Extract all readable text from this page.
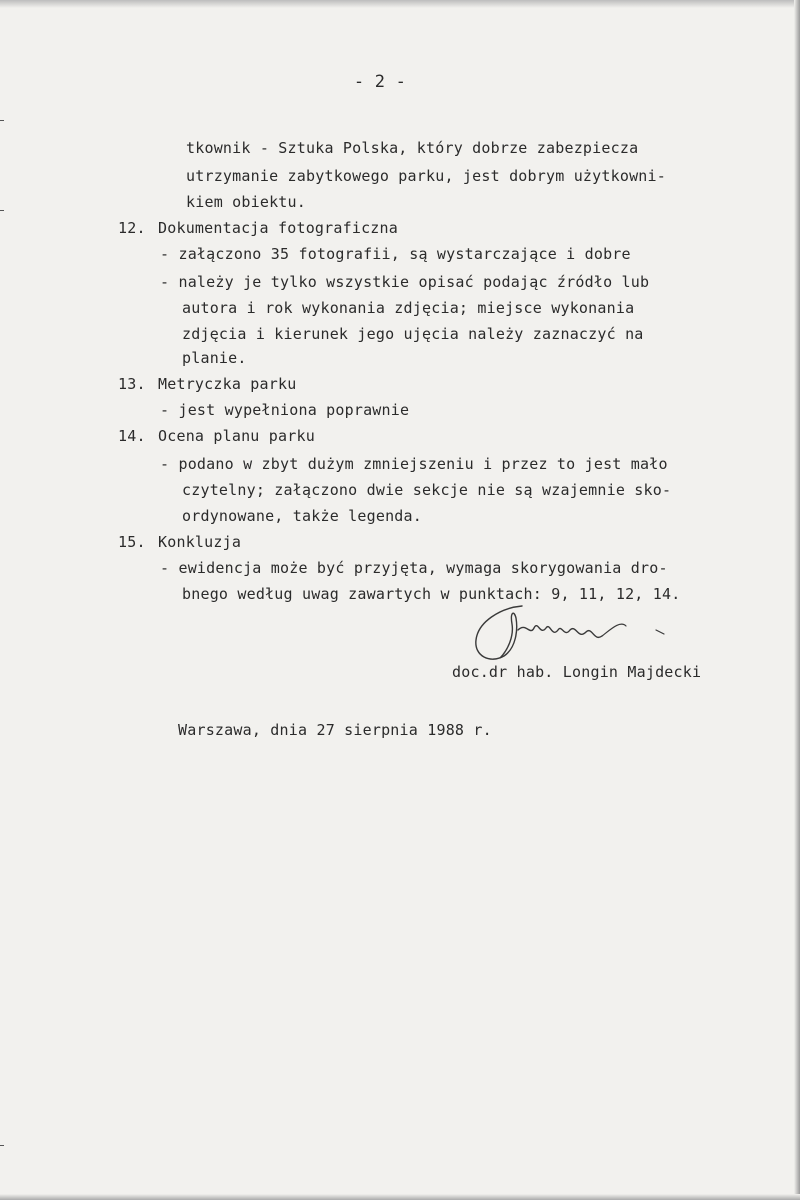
- 2 -
tkownik - Sztuka Polska, który dobrze zabezpiecza
utrzymanie zabytkowego parku, jest dobrym użytkowni-
kiem obiektu.
12. Dokumentacja fotograficzna
- załączono 35 fotografii, są wystarczające i dobre
- należy je tylko wszystkie opisać podając źródło lub
autora i rok wykonania zdjęcia; miejsce wykonania
zdjęcia i kierunek jego ujęcia należy zaznaczyć na
planie.
13. Metryczka parku
- jest wypełniona poprawnie
14. Ocena planu parku
- podano w zbyt dużym zmniejszeniu i przez to jest mało
czytelny; załączono dwie sekcje nie są wzajemnie sko-
ordynowane, także legenda.
15. Konkluzja
- ewidencja może być przyjęta, wymaga skorygowania dro-
bnego według uwag zawartych w punktach: 9, 11, 12, 14.
doc.dr hab. Longin Majdecki
Warszawa, dnia 27 sierpnia 1988 r.
